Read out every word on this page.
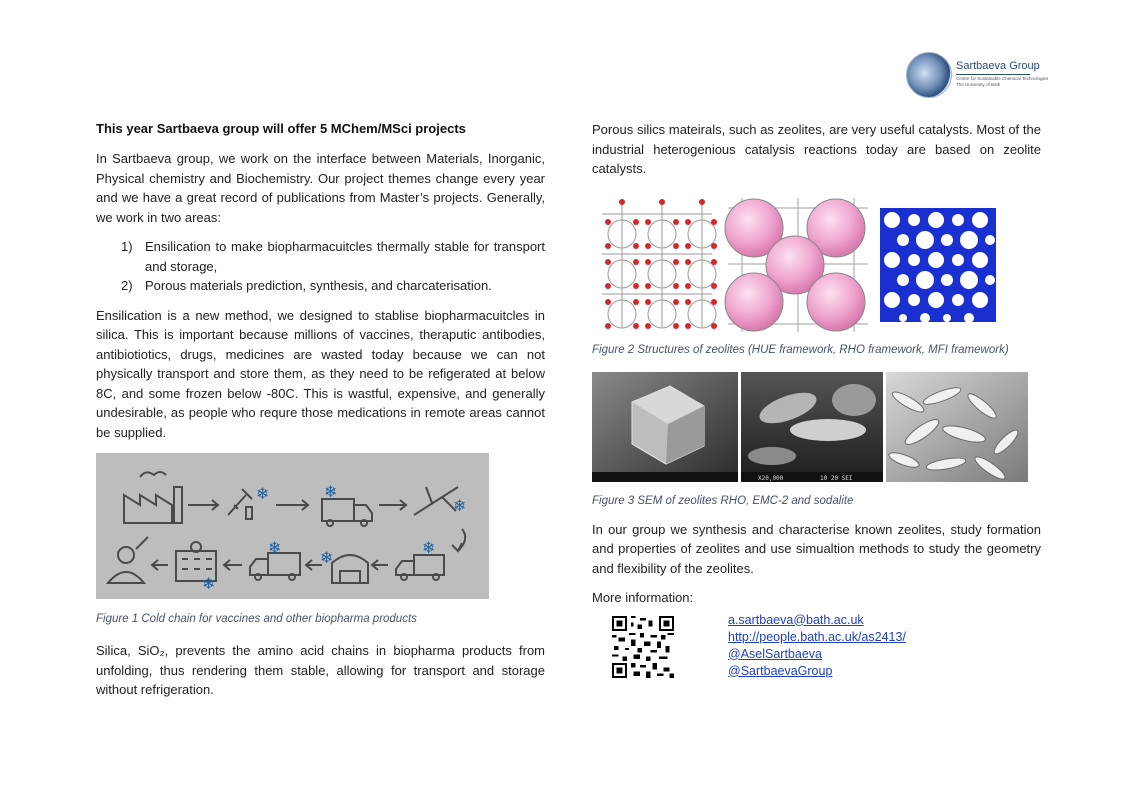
Sartbaeva Group
Centre for Sustainable Chemical Technologies
The University of Bath
This year Sartbaeva group will offer 5 MChem/MSci projects

In Sartbaeva group, we work on the interface between Materials, Inorganic, Physical chemistry and Biochemistry. Our project themes change every year and we have a great record of publications from Master’s projects. Generally, we work in two areas:

1) Ensilication to make biopharmacuitcles thermally stable for transport and storage,
2) Porous materials prediction, synthesis, and charcaterisation.

Ensilication is a new method, we designed to stablise biopharmacuitcles in silica. This is important because millions of vaccines, theraputic antibodies, antibiotiotics, drugs, medicines are wasted today because we can not physically transport and store them, as they need to be refigerated at below 8C, and some frozen below -80C. This is wastful, expensive, and generally undesirable, as people who requre those medications in remote areas cannot be supplied.

❄	❄
❄
❄
❄
❄
❄

Figure 1 Cold chain for vaccines and other biopharma products

Silica, SiO₂, prevents the amino acid chains in biopharma products from unfolding, thus rendering them stable, allowing for transport and storage without refrigeration.

Porous silics mateirals, such as zeolites, are very useful catalysts. Most of the industrial heterogenious catalysis reactions today are based on zeolite catalysts.

Figure 2 Structures of zeolites (HUE framework, RHO framework, MFI framework)

X20,000	10 20 SEI

Figure 3 SEM of zeolites RHO, EMC-2 and sodalite

In our group we synthesis and characterise known zeolites, study formation and properties of zeolites and use simualtion methods to study the geometry and flexibility of the zeolites.

More information:

a.sartbaeva@bath.ac.uk
http://people.bath.ac.uk/as2413/
@AselSartbaeva
@SartbaevaGroup
